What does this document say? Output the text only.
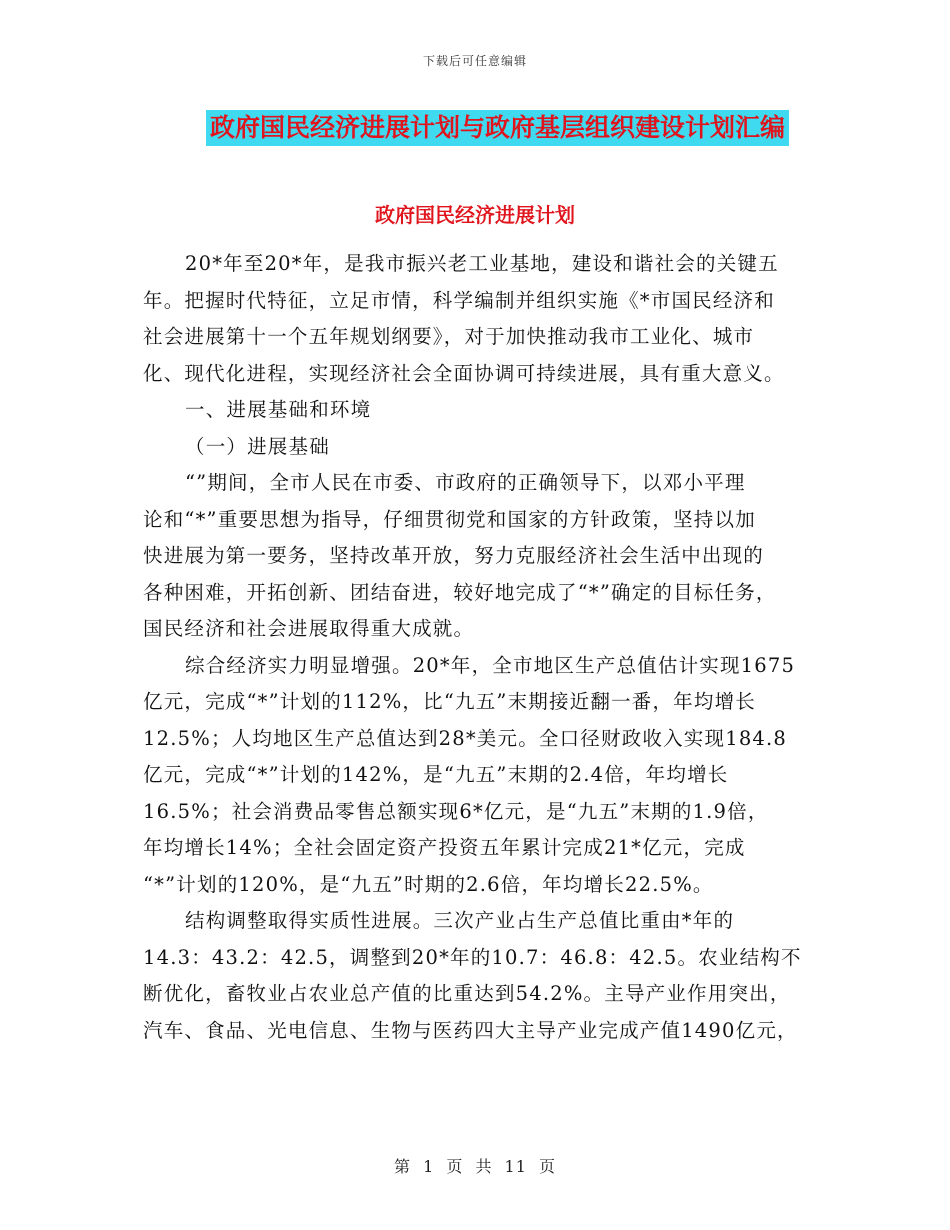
下载后可任意编辑
政府国民经济进展计划与政府基层组织建设计划汇编
政府国民经济进展计划
20*年至20*年，是我市振兴老工业基地，建设和谐社会的关键五
年。把握时代特征，立足市情，科学编制并组织实施《*市国民经济和
社会进展第十一个五年规划纲要》，对于加快推动我市工业化、城市
化、现代化进程，实现经济社会全面协调可持续进展，具有重大意义。
一、进展基础和环境
（一）进展基础
“”期间，全市人民在市委、市政府的正确领导下，以邓小平理
论和“*”重要思想为指导，仔细贯彻党和国家的方针政策，坚持以加
快进展为第一要务，坚持改革开放，努力克服经济社会生活中出现的
各种困难，开拓创新、团结奋进，较好地完成了“*”确定的目标任务，
国民经济和社会进展取得重大成就。
综合经济实力明显增强。20*年，全市地区生产总值估计实现1675
亿元，完成“*”计划的112%，比“九五”末期接近翻一番，年均增长
12.5%；人均地区生产总值达到28*美元。全口径财政收入实现184.8
亿元，完成“*”计划的142%，是“九五”末期的2.4倍，年均增长
16.5%；社会消费品零售总额实现6*亿元，是“九五”末期的1.9倍，
年均增长14%；全社会固定资产投资五年累计完成21*亿元，完成
“*”计划的120%，是“九五”时期的2.6倍，年均增长22.5%。
结构调整取得实质性进展。三次产业占生产总值比重由*年的
14.3：43.2：42.5，调整到20*年的10.7：46.8：42.5。农业结构不
断优化，畜牧业占农业总产值的比重达到54.2%。主导产业作用突出，
汽车、食品、光电信息、生物与医药四大主导产业完成产值1490亿元，
第 1 页 共 11 页
